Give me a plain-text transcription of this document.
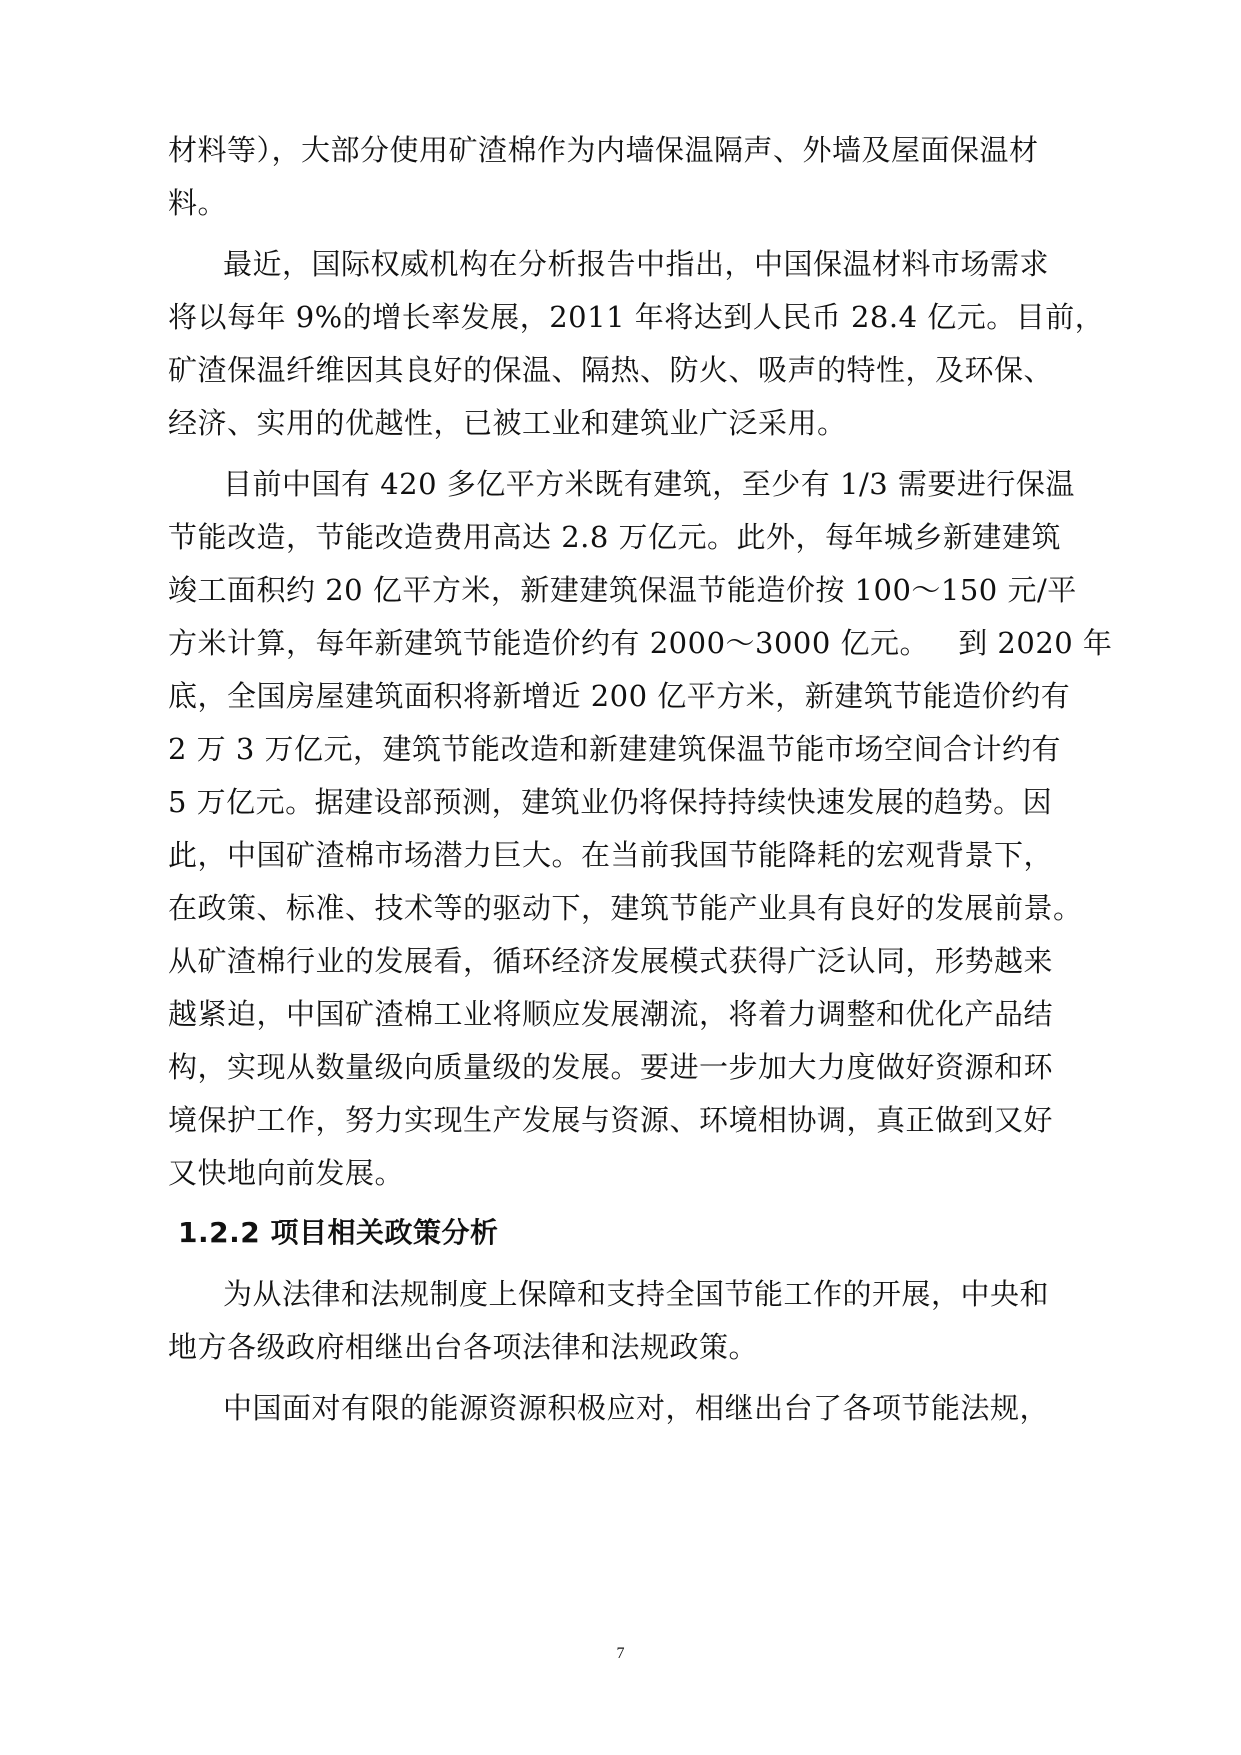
材料等），大部分使用矿渣棉作为内墙保温隔声、外墙及屋面保温材
料。
最近，国际权威机构在分析报告中指出，中国保温材料市场需求
将以每年 9%的增长率发展，2011 年将达到人民币 28.4 亿元。目前，
矿渣保温纤维因其良好的保温、隔热、防火、吸声的特性，及环保、
经济、实用的优越性，已被工业和建筑业广泛采用。
目前中国有 420 多亿平方米既有建筑，至少有 1/3 需要进行保温
节能改造，节能改造费用高达 2.8 万亿元。此外，每年城乡新建建筑
竣工面积约 20 亿平方米，新建建筑保温节能造价按 100～150 元/平
方米计算，每年新建筑节能造价约有 2000～3000 亿元。   到 2020 年
底，全国房屋建筑面积将新增近 200 亿平方米，新建筑节能造价约有
2 万 3 万亿元，建筑节能改造和新建建筑保温节能市场空间合计约有
5 万亿元。据建设部预测，建筑业仍将保持持续快速发展的趋势。因
此，中国矿渣棉市场潜力巨大。在当前我国节能降耗的宏观背景下，
在政策、标准、技术等的驱动下，建筑节能产业具有良好的发展前景。
从矿渣棉行业的发展看，循环经济发展模式获得广泛认同，形势越来
越紧迫，中国矿渣棉工业将顺应发展潮流，将着力调整和优化产品结
构，实现从数量级向质量级的发展。要进一步加大力度做好资源和环
境保护工作，努力实现生产发展与资源、环境相协调，真正做到又好
又快地向前发展。
1.2.2 项目相关政策分析
为从法律和法规制度上保障和支持全国节能工作的开展，中央和
地方各级政府相继出台各项法律和法规政策。
中国面对有限的能源资源积极应对，相继出台了各项节能法规，
7
